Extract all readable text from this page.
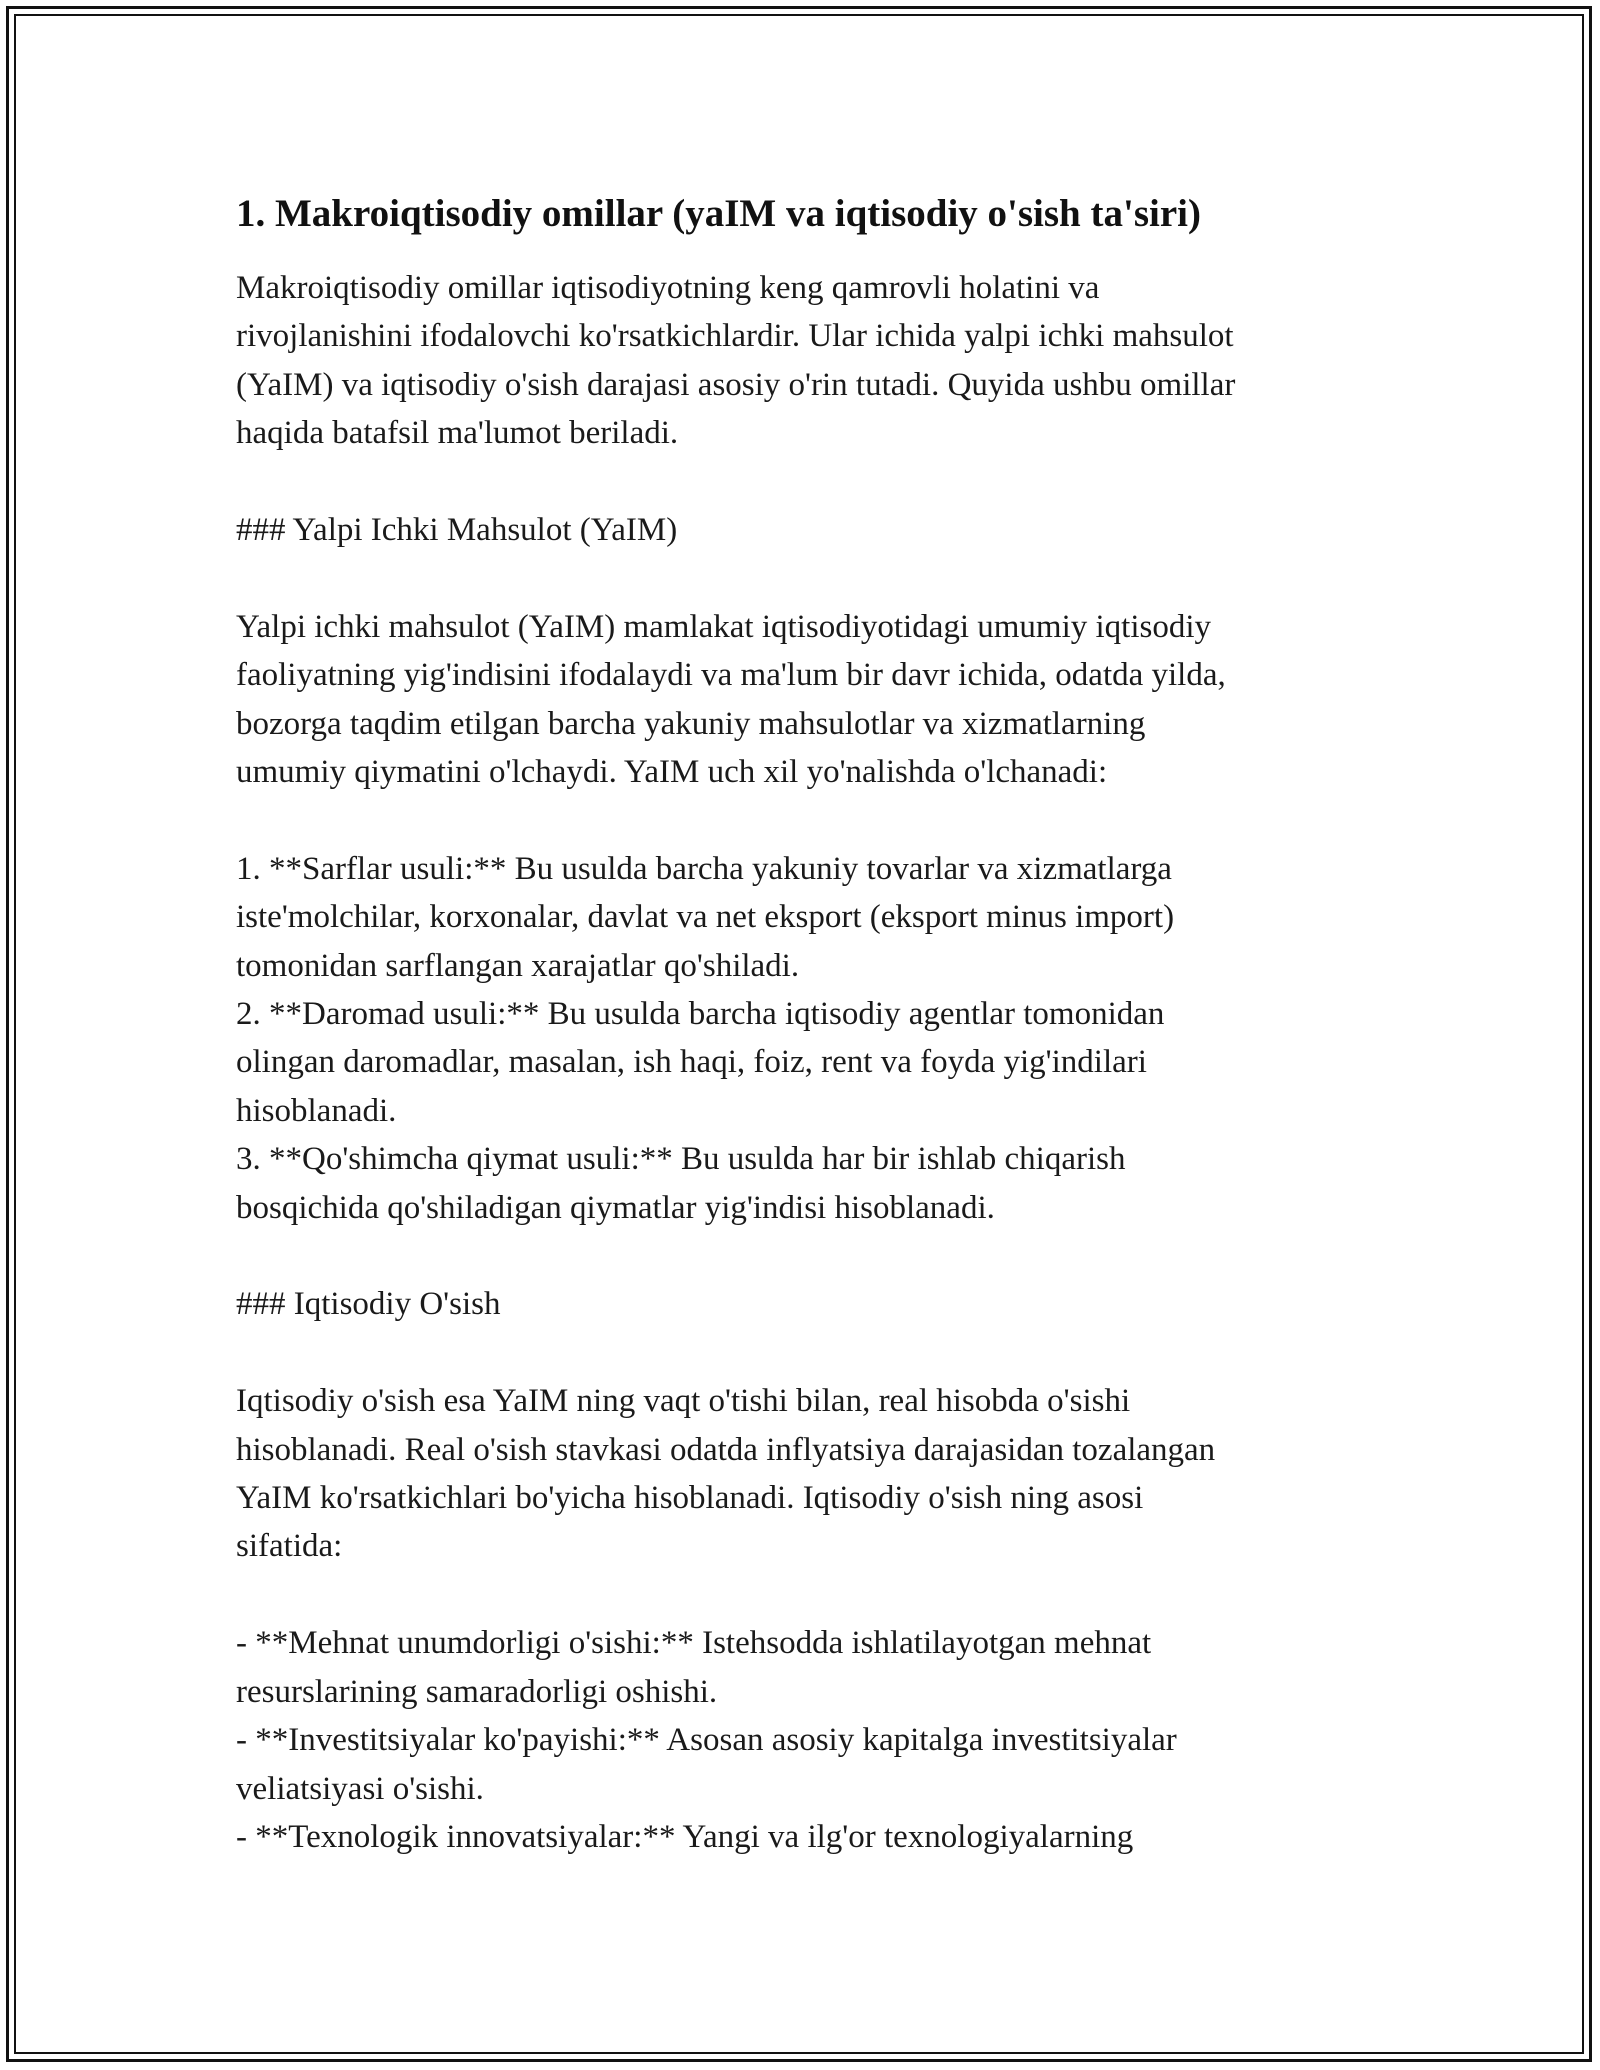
1. Makroiqtisodiy omillar (yaIM va iqtisodiy o'sish ta'siri)

Makroiqtisodiy omillar iqtisodiyotning keng qamrovli holatini va
rivojlanishini ifodalovchi ko'rsatkichlardir. Ular ichida yalpi ichki mahsulot
(YaIM) va iqtisodiy o'sish darajasi asosiy o'rin tutadi. Quyida ushbu omillar
haqida batafsil ma'lumot beriladi.

### Yalpi Ichki Mahsulot (YaIM)

Yalpi ichki mahsulot (YaIM) mamlakat iqtisodiyotidagi umumiy iqtisodiy
faoliyatning yig'indisini ifodalaydi va ma'lum bir davr ichida, odatda yilda,
bozorga taqdim etilgan barcha yakuniy mahsulotlar va xizmatlarning
umumiy qiymatini o'lchaydi. YaIM uch xil yo'nalishda o'lchanadi:

1. **Sarflar usuli:** Bu usulda barcha yakuniy tovarlar va xizmatlarga
iste'molchilar, korxonalar, davlat va net eksport (eksport minus import)
tomonidan sarflangan xarajatlar qo'shiladi.
2. **Daromad usuli:** Bu usulda barcha iqtisodiy agentlar tomonidan
olingan daromadlar, masalan, ish haqi, foiz, rent va foyda yig'indilari
hisoblanadi.
3. **Qo'shimcha qiymat usuli:** Bu usulda har bir ishlab chiqarish
bosqichida qo'shiladigan qiymatlar yig'indisi hisoblanadi.

### Iqtisodiy O'sish

Iqtisodiy o'sish esa YaIM ning vaqt o'tishi bilan, real hisobda o'sishi
hisoblanadi. Real o'sish stavkasi odatda inflyatsiya darajasidan tozalangan
YaIM ko'rsatkichlari bo'yicha hisoblanadi. Iqtisodiy o'sish ning asosi
sifatida:

- **Mehnat unumdorligi o'sishi:** Istehsodda ishlatilayotgan mehnat
resurslarining samaradorligi oshishi.
- **Investitsiyalar ko'payishi:** Asosan asosiy kapitalga investitsiyalar
veliatsiyasi o'sishi.
- **Texnologik innovatsiyalar:** Yangi va ilg'or texnologiyalarning
